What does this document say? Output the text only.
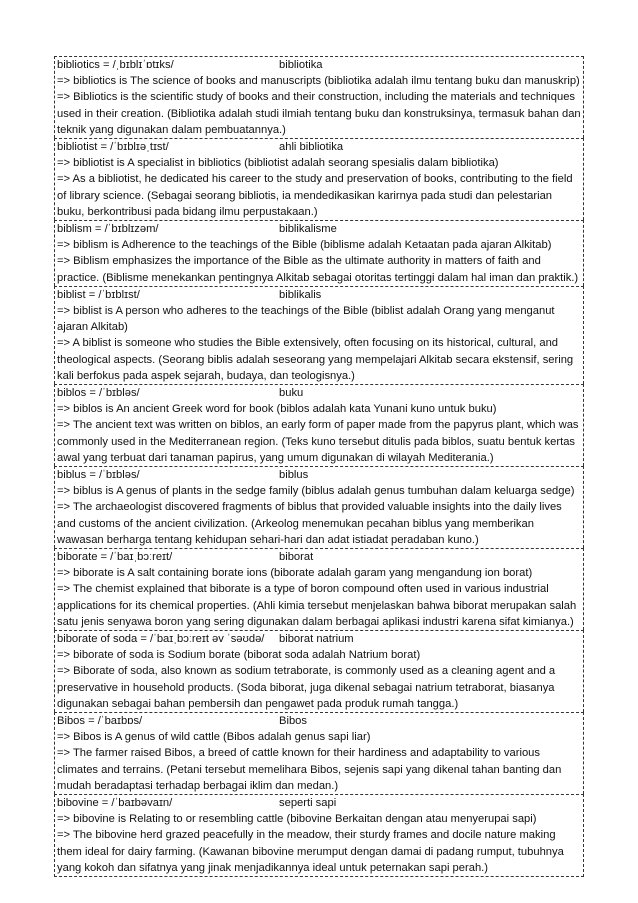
bibliotics = /ˌbɪblɪˈɒtɪks/	bibliotika
=> bibliotics is The science of books and manuscripts (bibliotika adalah ilmu tentang buku dan manuskrip)
=> Bibliotics is the scientific study of books and their construction, including the materials and techniques used in their creation. (Bibliotika adalah studi ilmiah tentang buku dan konstruksinya, termasuk bahan dan teknik yang digunakan dalam pembuatannya.)
bibliotist = /ˈbɪblɪəˌtɪst/	ahli bibliotika
=> bibliotist is A specialist in bibliotics (bibliotist adalah seorang spesialis dalam bibliotika)
=> As a bibliotist, he dedicated his career to the study and preservation of books, contributing to the field of library science. (Sebagai seorang bibliotis, ia mendedikasikan karirnya pada studi dan pelestarian buku, berkontribusi pada bidang ilmu perpustakaan.)
biblism = /ˈbɪblɪzəm/	biblikalisme
=> biblism is Adherence to the teachings of the Bible (biblisme adalah Ketaatan pada ajaran Alkitab)
=> Biblism emphasizes the importance of the Bible as the ultimate authority in matters of faith and practice. (Biblisme menekankan pentingnya Alkitab sebagai otoritas tertinggi dalam hal iman dan praktik.)
biblist = /ˈbɪblɪst/	biblikalis
=> biblist is A person who adheres to the teachings of the Bible (biblist adalah Orang yang menganut ajaran Alkitab)
=> A biblist is someone who studies the Bible extensively, often focusing on its historical, cultural, and theological aspects. (Seorang biblis adalah seseorang yang mempelajari Alkitab secara ekstensif, sering kali berfokus pada aspek sejarah, budaya, dan teologisnya.)
biblos = /ˈbɪbləs/	buku
=> biblos is An ancient Greek word for book (biblos adalah kata Yunani kuno untuk buku)
=> The ancient text was written on biblos, an early form of paper made from the papyrus plant, which was commonly used in the Mediterranean region. (Teks kuno tersebut ditulis pada biblos, suatu bentuk kertas awal yang terbuat dari tanaman papirus, yang umum digunakan di wilayah Mediterania.)
biblus = /ˈbɪbləs/	biblus
=> biblus is A genus of plants in the sedge family (biblus adalah genus tumbuhan dalam keluarga sedge)
=> The archaeologist discovered fragments of biblus that provided valuable insights into the daily lives and customs of the ancient civilization. (Arkeolog menemukan pecahan biblus yang memberikan wawasan berharga tentang kehidupan sehari-hari dan adat istiadat peradaban kuno.)
biborate = /ˈbaɪˌbɔːreɪt/	biborat
=> biborate is A salt containing borate ions (biborate adalah garam yang mengandung ion borat)
=> The chemist explained that biborate is a type of boron compound often used in various industrial applications for its chemical properties. (Ahli kimia tersebut menjelaskan bahwa biborat merupakan salah satu jenis senyawa boron yang sering digunakan dalam berbagai aplikasi industri karena sifat kimianya.)
biborate of soda = /ˈbaɪˌbɔːreɪt əv ˈsəʊdə/ biborat natrium
=> biborate of soda is Sodium borate (biborat soda adalah Natrium borat)
=> Biborate of soda, also known as sodium tetraborate, is commonly used as a cleaning agent and a preservative in household products. (Soda biborat, juga dikenal sebagai natrium tetraborat, biasanya digunakan sebagai bahan pembersih dan pengawet pada produk rumah tangga.)
Bibos = /ˈbaɪbɒs/	Bibos
=> Bibos is A genus of wild cattle (Bibos adalah genus sapi liar)
=> The farmer raised Bibos, a breed of cattle known for their hardiness and adaptability to various climates and terrains. (Petani tersebut memelihara Bibos, sejenis sapi yang dikenal tahan banting dan mudah beradaptasi terhadap berbagai iklim dan medan.)
bibovine = /ˈbaɪbəvaɪn/	seperti sapi
=> bibovine is Relating to or resembling cattle (bibovine Berkaitan dengan atau menyerupai sapi)
=> The bibovine herd grazed peacefully in the meadow, their sturdy frames and docile nature making them ideal for dairy farming. (Kawanan bibovine merumput dengan damai di padang rumput, tubuhnya yang kokoh dan sifatnya yang jinak menjadikannya ideal untuk peternakan sapi perah.)
